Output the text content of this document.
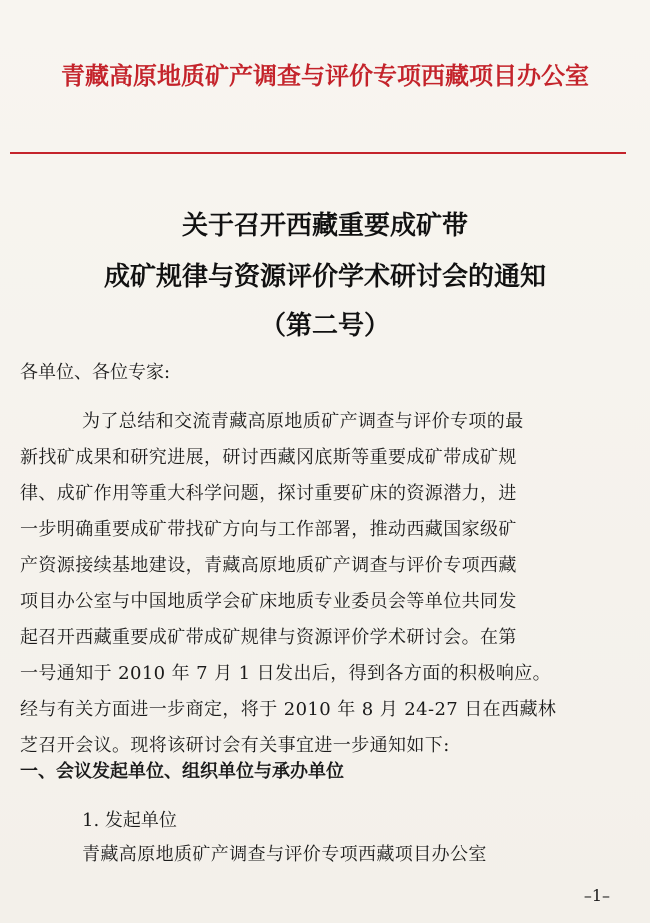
青藏高原地质矿产调查与评价专项西藏项目办公室
关于召开西藏重要成矿带
成矿规律与资源评价学术研讨会的通知
（第二号）
各单位、各位专家:
为了总结和交流青藏高原地质矿产调查与评价专项的最
新找矿成果和研究进展，研讨西藏冈底斯等重要成矿带成矿规
律、成矿作用等重大科学问题，探讨重要矿床的资源潜力，进
一步明确重要成矿带找矿方向与工作部署，推动西藏国家级矿
产资源接续基地建设，青藏高原地质矿产调查与评价专项西藏
项目办公室与中国地质学会矿床地质专业委员会等单位共同发
起召开西藏重要成矿带成矿规律与资源评价学术研讨会。在第
一号通知于 2010 年 7 月 1 日发出后，得到各方面的积极响应。
经与有关方面进一步商定，将于 2010 年 8 月 24-27 日在西藏林
芝召开会议。现将该研讨会有关事宜进一步通知如下:
一、会议发起单位、组织单位与承办单位
1. 发起单位
青藏高原地质矿产调查与评价专项西藏项目办公室
–1–
